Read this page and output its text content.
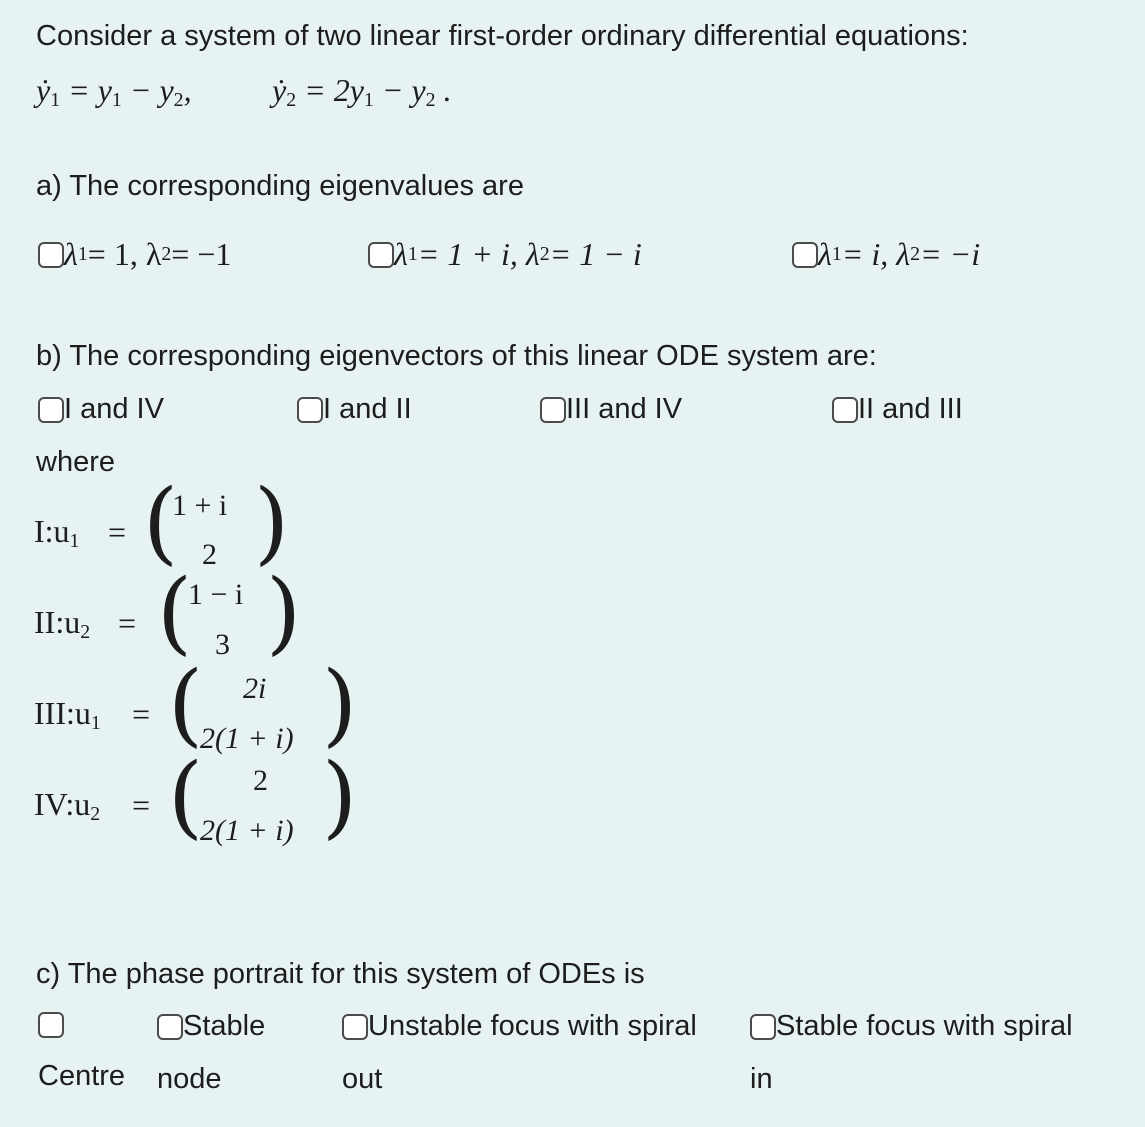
Consider a system of two linear first-order ordinary differential equations:
ẏ$_1$ = $y_1 - y_2$,	ẏ$_2$ = $2y_1 - y_2$ .
a) The corresponding eigenvalues are
λ 1 = 1, λ 2 = −1	λ 1 = 1 + i, λ 2 = 1 − i	λ 1 = i, λ 2 = −i
b) The corresponding eigenvectors of this linear ODE system are:
I and IV	I and II	III and IV	II and III
where
$I:u_1$ = (
1 + i
2 )
$II:u_2$ = (
1 − i
3 )
$III:u_1$ = ( 2i
2(1 + i) )
$IV:u_2$ = ( 2
2(1 + i) )
c) The phase portrait for this system of ODEs is
Centre
Stable
node
Unstable focus with spiral
out
Stable focus with spiral
in
